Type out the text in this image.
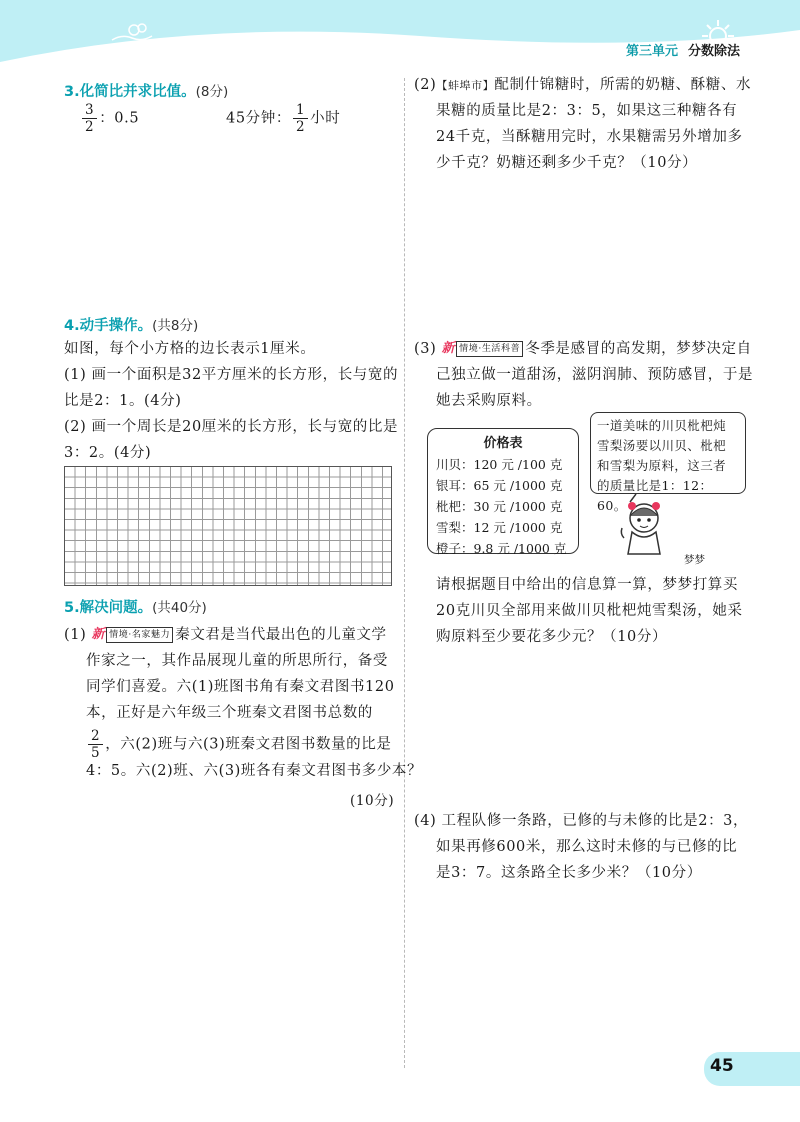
第三单元 分数除法
3.化简比并求比值。(8分)
$\frac{3}{2}$ ：0.5	45分钟： $\frac{1}{2}$ 小时
4.动手操作。(共8分)
如图，每个小方格的边长表示1厘米。
(1) 画一个面积是32平方厘米的长方形，长与宽的
比是2：1。(4分)
(2) 画一个周长是20厘米的长方形，长与宽的比是
3：2。(4分)
5.解决问题。(共40分)
(1) 新 情境·名家魅力 秦文君是当代最出色的儿童文学
作家之一，其作品展现儿童的所思所行，备受
同学们喜爱。六(1)班图书角有秦文君图书120
本，正好是六年级三个班秦文君图书总数的
$\frac{2}{5}$ ，六(2)班与六(3)班秦文君图书数量的比是
4：5。六(2)班、六(3)班各有秦文君图书多少本？
(10分)
(2)【蚌埠市】配制什锦糖时，所需的奶糖、酥糖、水
果糖的质量比是2：3：5，如果这三种糖各有
24千克，当酥糖用完时，水果糖需另外增加多
少千克？奶糖还剩多少千克？（10分）
(3) 新 情境·生活科普 冬季是感冒的高发期，梦梦决定自
己独立做一道甜汤，滋阴润肺、预防感冒，于是
她去采购原料。
价格表
川贝：120 元 /100 克
银耳：65 元 /1000 克
枇杷：30 元 /1000 克
雪梨：12 元 /1000 克
橙子：9.8 元 /1000 克
一道美味的川贝枇杷炖
雪梨汤要以川贝、枇杷
和雪梨为原料，这三者
的质量比是1：12：60。
梦梦
请根据题目中给出的信息算一算，梦梦打算买
20克川贝全部用来做川贝枇杷炖雪梨汤，她采
购原料至少要花多少元？（10分）
(4) 工程队修一条路，已修的与未修的比是2：3，
如果再修600米，那么这时未修的与已修的比
是3：7。这条路全长多少米？（10分）
45
